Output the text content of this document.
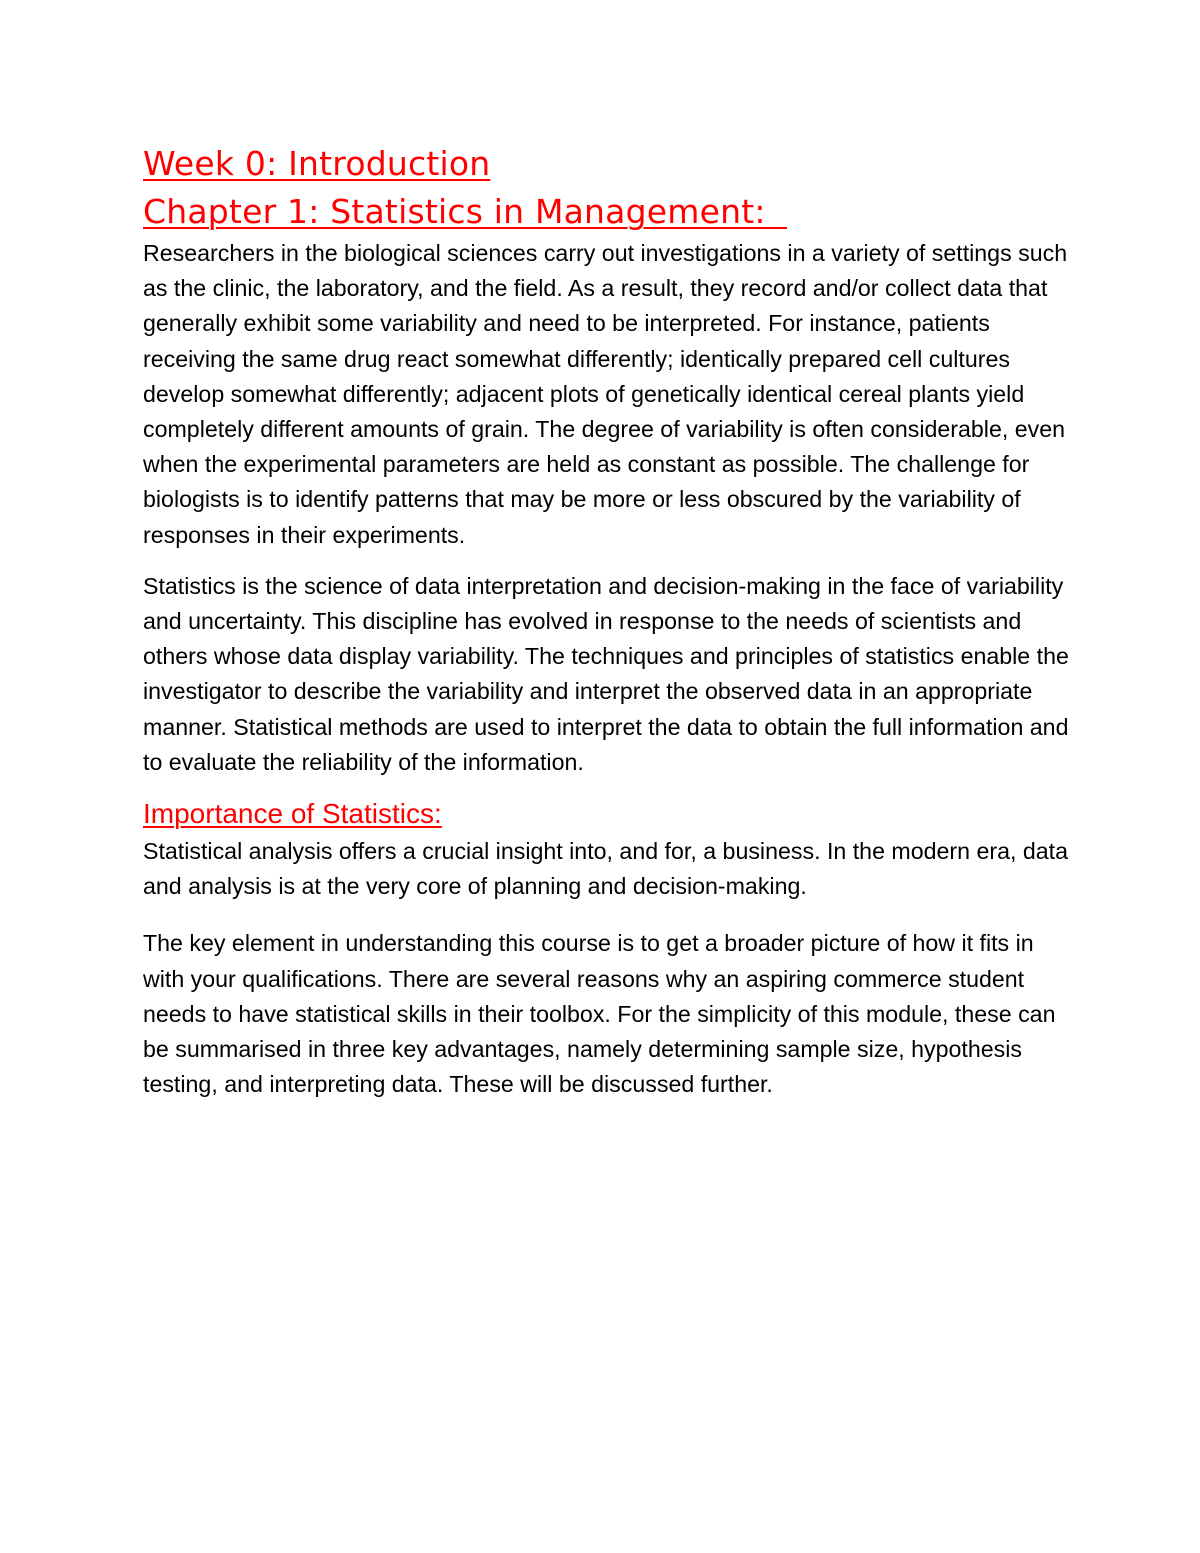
Week 0: Introduction
Chapter 1: Statistics in Management:

Researchers in the biological sciences carry out investigations in a variety of settings such as the clinic, the laboratory, and the field. As a result, they record and/or collect data that generally exhibit some variability and need to be interpreted. For instance, patients receiving the same drug react somewhat differently; identically prepared cell cultures develop somewhat differently; adjacent plots of genetically identical cereal plants yield completely different amounts of grain. The degree of variability is often considerable, even when the experimental parameters are held as constant as possible. The challenge for biologists is to identify patterns that may be more or less obscured by the variability of responses in their experiments.

Statistics is the science of data interpretation and decision-making in the face of variability and uncertainty. This discipline has evolved in response to the needs of scientists and others whose data display variability. The techniques and principles of statistics enable the investigator to describe the variability and interpret the observed data in an appropriate manner. Statistical methods are used to interpret the data to obtain the full information and to evaluate the reliability of the information.

Importance of Statistics:

Statistical analysis offers a crucial insight into, and for, a business. In the modern era, data and analysis is at the very core of planning and decision-making.

The key element in understanding this course is to get a broader picture of how it fits in with your qualifications. There are several reasons why an aspiring commerce student needs to have statistical skills in their toolbox. For the simplicity of this module, these can be summarised in three key advantages, namely determining sample size, hypothesis testing, and interpreting data. These will be discussed further.
